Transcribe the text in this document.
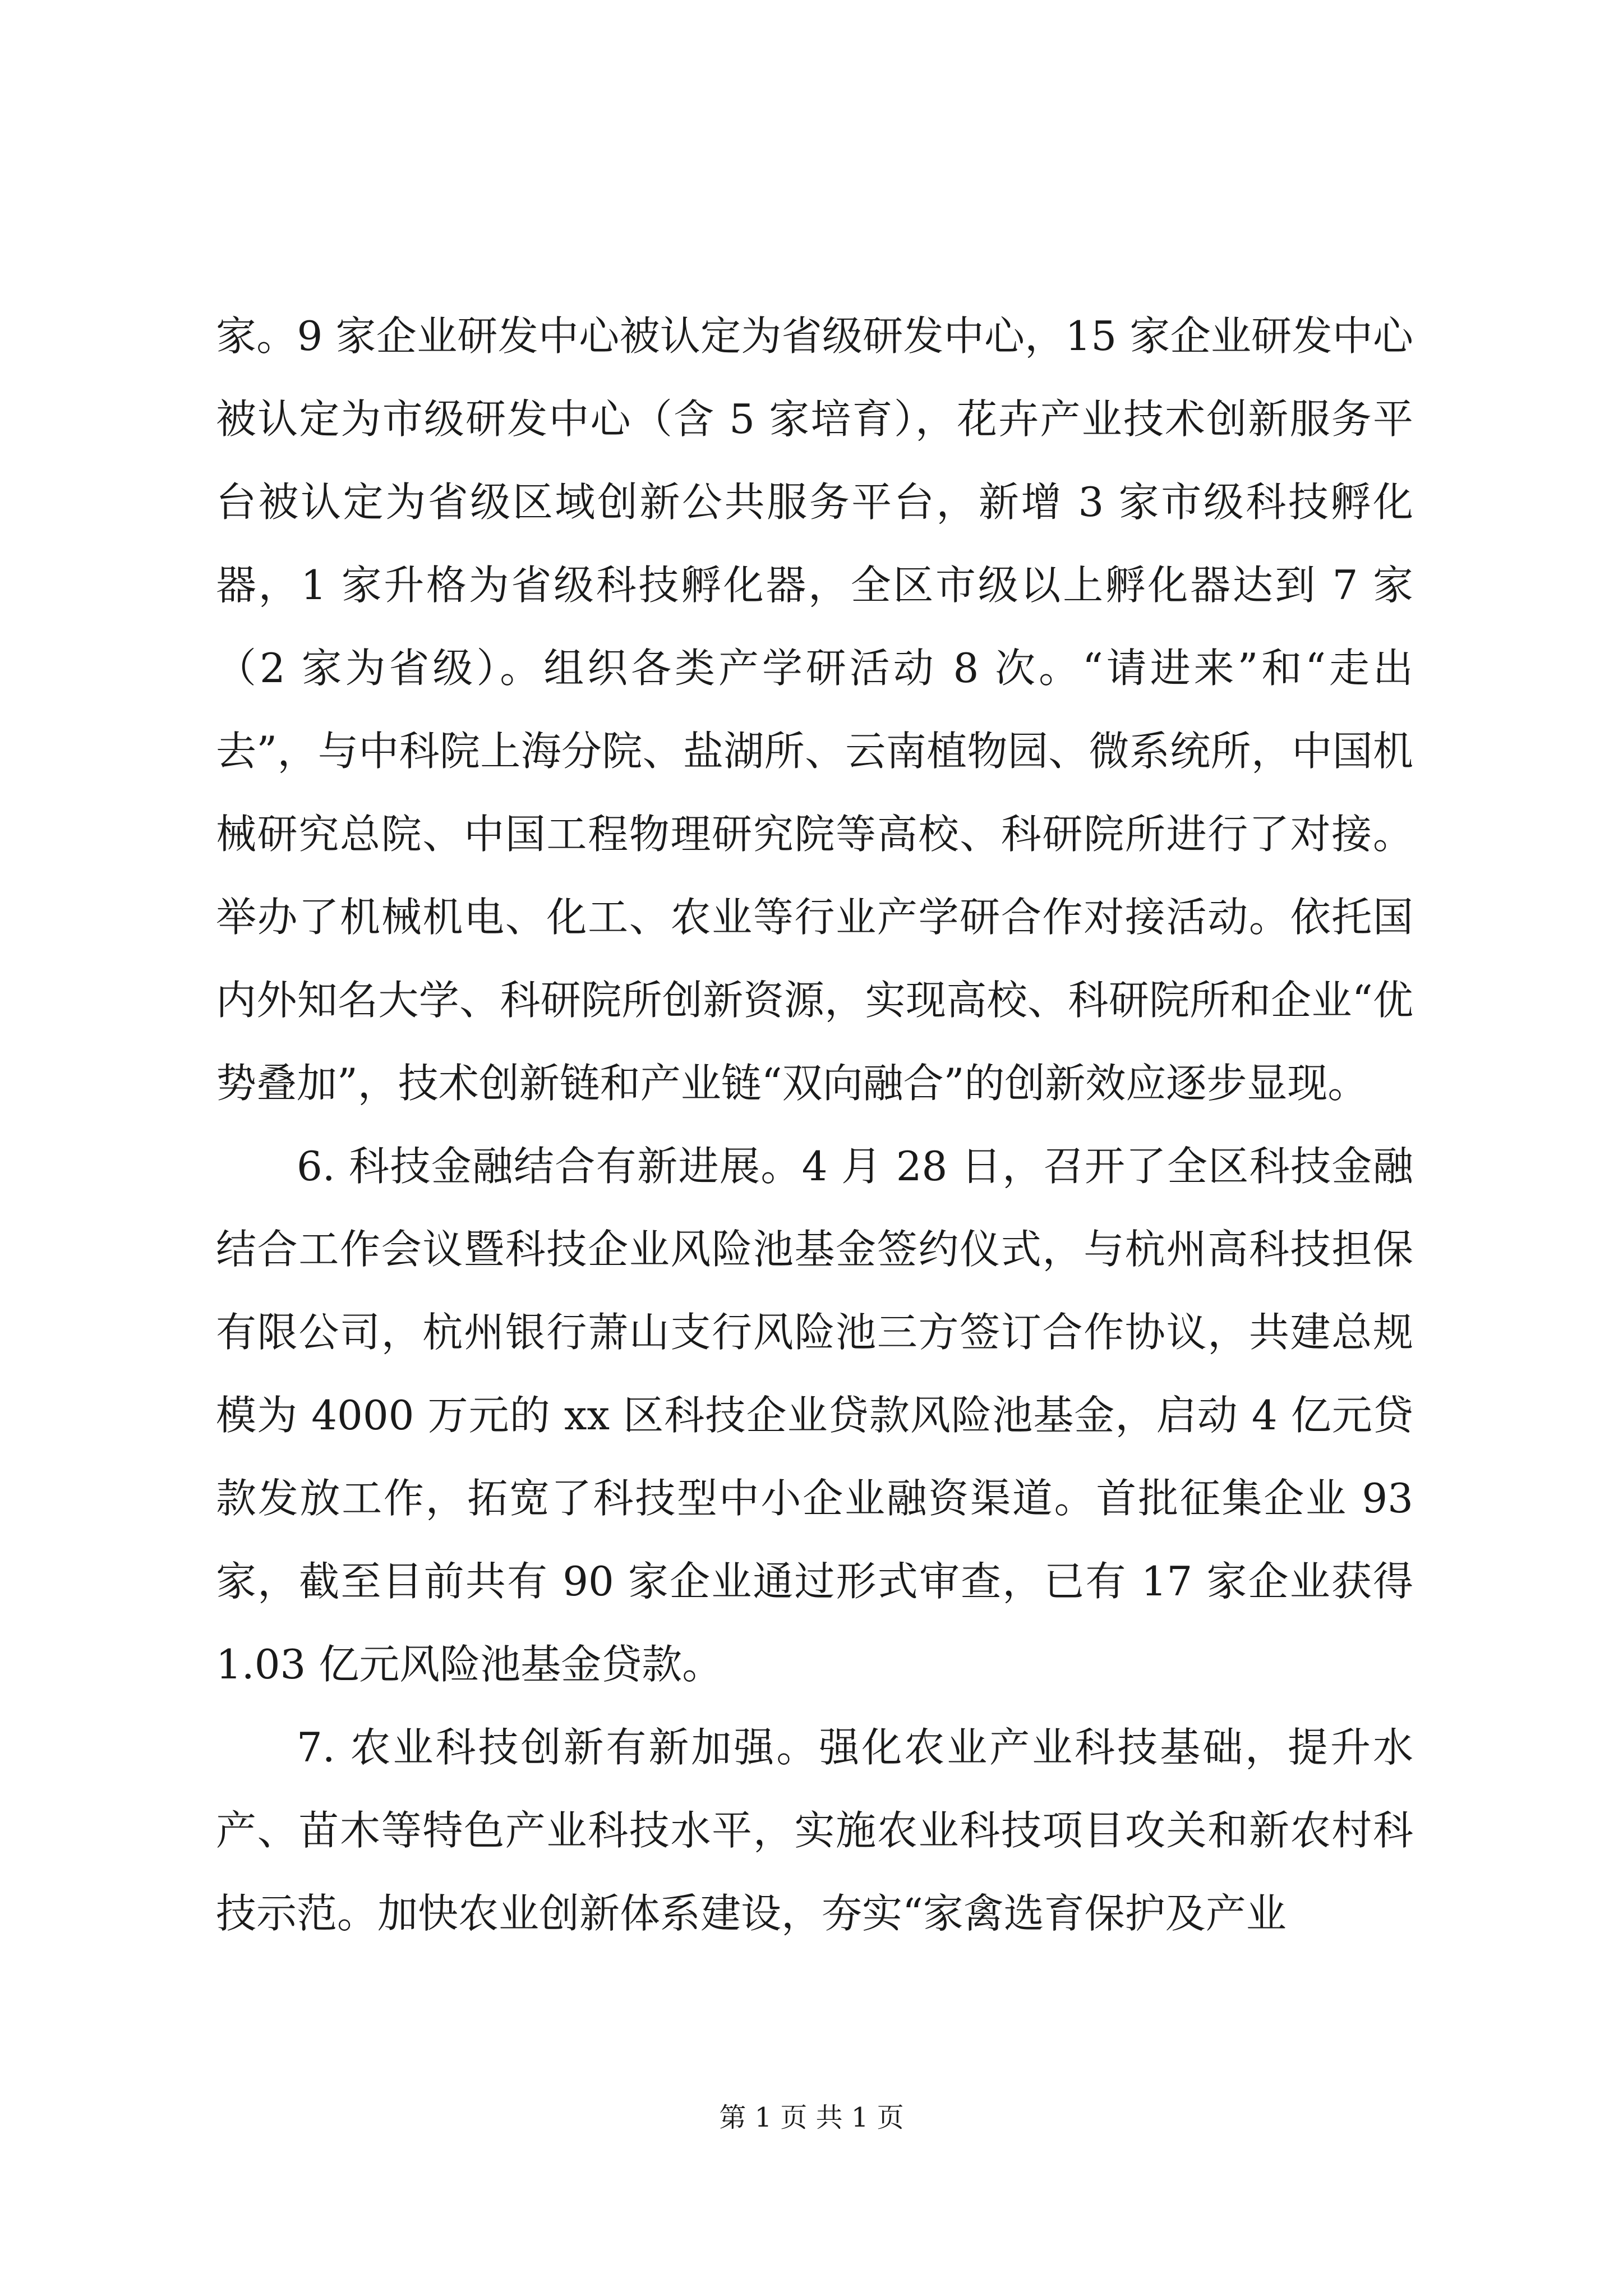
家。9 家企业研发中心被认定为省级研发中心，15 家企业研发中心被认定为市级研发中心（含 5 家培育），花卉产业技术创新服务平台被认定为省级区域创新公共服务平台，新增 3 家市级科技孵化器，1 家升格为省级科技孵化器，全区市级以上孵化器达到 7 家（2 家为省级）。组织各类产学研活动 8 次。“请进来”和“走出去”，与中科院上海分院、盐湖所、云南植物园、微系统所，中国机械研究总院、中国工程物理研究院等高校、科研院所进行了对接。举办了机械机电、化工、农业等行业产学研合作对接活动。依托国内外知名大学、科研院所创新资源，实现高校、科研院所和企业“优势叠加”，技术创新链和产业链“双向融合”的创新效应逐步显现。

6. 科技金融结合有新进展。4 月 28 日，召开了全区科技金融结合工作会议暨科技企业风险池基金签约仪式，与杭州高科技担保有限公司，杭州银行萧山支行风险池三方签订合作协议，共建总规模为 4000 万元的 xx 区科技企业贷款风险池基金，启动 4 亿元贷款发放工作，拓宽了科技型中小企业融资渠道。首批征集企业 93 家，截至目前共有 90 家企业通过形式审查，已有 17 家企业获得 1.03 亿元风险池基金贷款。

7. 农业科技创新有新加强。强化农业产业科技基础，提升水产、苗木等特色产业科技水平，实施农业科技项目攻关和新农村科技示范。加快农业创新体系建设，夯实“家禽选育保护及产业

第 1 页 共 1 页
